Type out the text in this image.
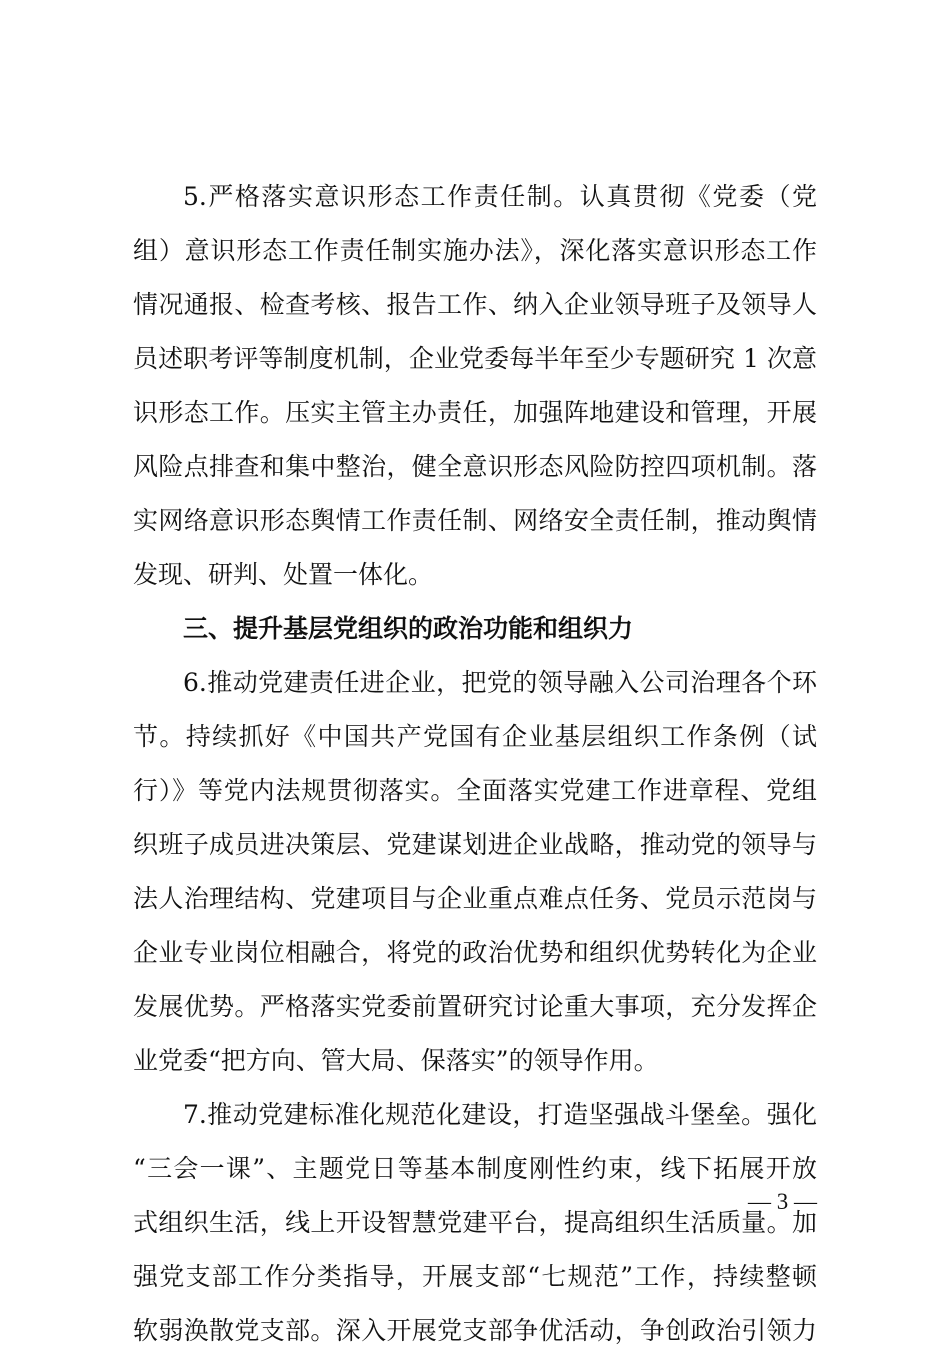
5.严格落实意识形态工作责任制。认真贯彻《党委（党
组）意识形态工作责任制实施办法》，深化落实意识形态工作
情况通报、检查考核、报告工作、纳入企业领导班子及领导人
员述职考评等制度机制，企业党委每半年至少专题研究 1 次意
识形态工作。压实主管主办责任，加强阵地建设和管理，开展
风险点排查和集中整治，健全意识形态风险防控四项机制。落
实网络意识形态舆情工作责任制、网络安全责任制，推动舆情
发现、研判、处置一体化。
三、提升基层党组织的政治功能和组织力
6.推动党建责任进企业，把党的领导融入公司治理各个环
节。持续抓好《中国共产党国有企业基层组织工作条例（试
行）》等党内法规贯彻落实。全面落实党建工作进章程、党组
织班子成员进决策层、党建谋划进企业战略，推动党的领导与
法人治理结构、党建项目与企业重点难点任务、党员示范岗与
企业专业岗位相融合，将党的政治优势和组织优势转化为企业
发展优势。严格落实党委前置研究讨论重大事项，充分发挥企
业党委“把方向、管大局、保落实”的领导作用。
7.推动党建标准化规范化建设，打造坚强战斗堡垒。强化
“三会一课”、主题党日等基本制度刚性约束，线下拓展开放
式组织生活，线上开设智慧党建平台，提高组织生活质量。加
强党支部工作分类指导，开展支部“七规范”工作，持续整顿
软弱涣散党支部。深入开展党支部争优活动，争创政治引领力
— 3 —
